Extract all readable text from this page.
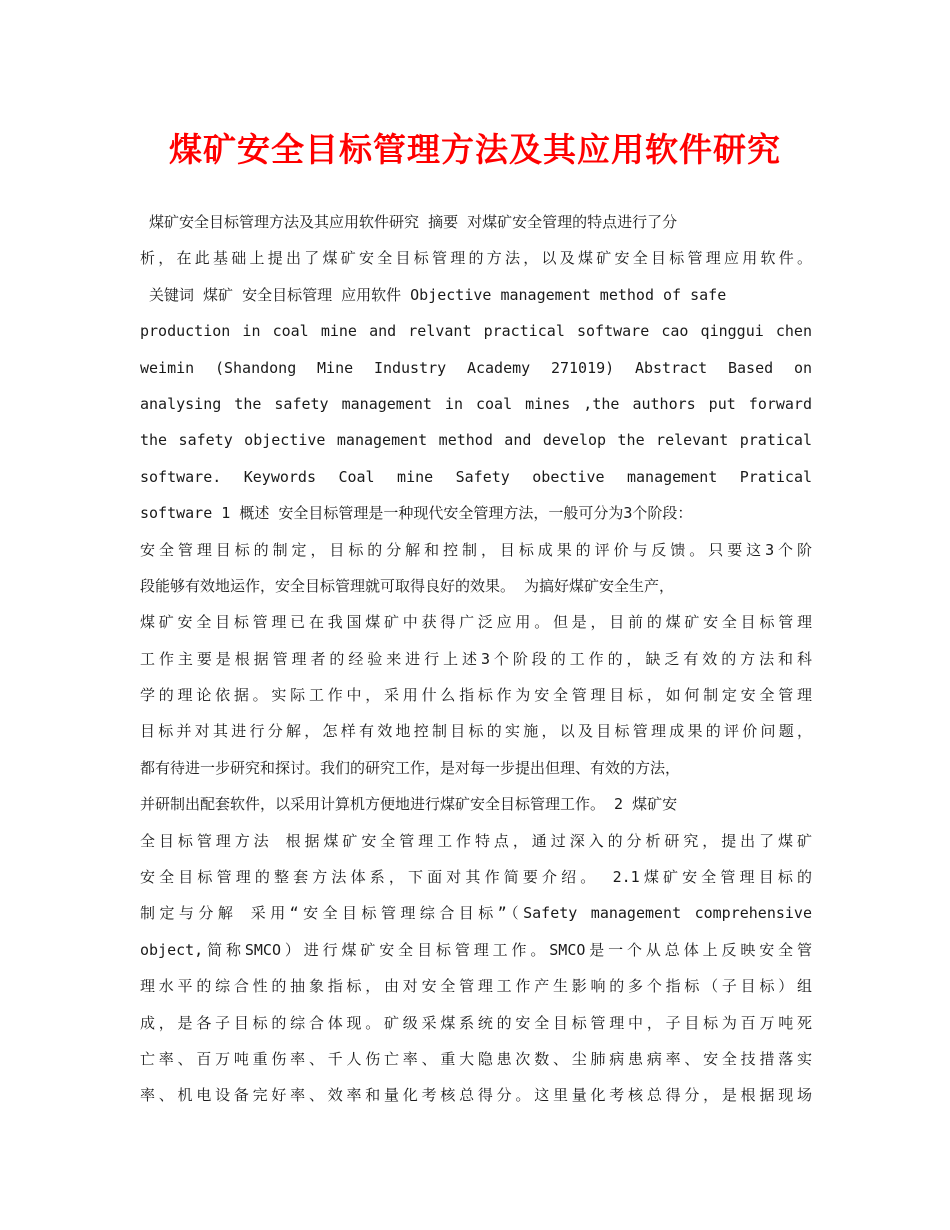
煤矿安全目标管理方法及其应用软件研究
煤矿安全目标管理方法及其应用软件研究 摘要 对煤矿安全管理的特点进行了分
析，在此基础上提出了煤矿安全目标管理的方法，以及煤矿安全目标管理应用软件。
关键词 煤矿 安全目标管理 应用软件 Objective management method of safe
production in coal mine and relvant practical software cao qinggui chen
weimin (Shandong Mine Industry Academy 271019) Abstract Based on
analysing the safety management in coal mines ,the authors put forward
the safety objective management method and develop the relevant pratical
software. Keywords Coal mine Safety obective management Pratical
software 1 概述 安全目标管理是一种现代安全管理方法，一般可分为3个阶段：
安全管理目标的制定，目标的分解和控制，目标成果的评价与反馈。只要这3个阶
段能够有效地运作，安全目标管理就可取得良好的效果。 为搞好煤矿安全生产，
煤矿安全目标管理已在我国煤矿中获得广泛应用。但是，目前的煤矿安全目标管理
工作主要是根据管理者的经验来进行上述3个阶段的工作的，缺乏有效的方法和科
学的理论依据。实际工作中，采用什么指标作为安全管理目标，如何制定安全管理
目标并对其进行分解，怎样有效地控制目标的实施，以及目标管理成果的评价问题，
都有待进一步研究和探讨。我们的研究工作，是对每一步提出但理、有效的方法，
并研制出配套软件，以采用计算机方便地进行煤矿安全目标管理工作。 2 煤矿安
全目标管理方法 根据煤矿安全管理工作特点，通过深入的分析研究，提出了煤矿
安全目标管理的整套方法体系，下面对其作简要介绍。 2.1煤矿安全管理目标的
制定与分解 采用“安全目标管理综合目标”（Safety management comprehensive
object,简称SMCO）进行煤矿安全目标管理工作。SMCO是一个从总体上反映安全管
理水平的综合性的抽象指标，由对安全管理工作产生影响的多个指标（子目标）组
成，是各子目标的综合体现。矿级采煤系统的安全目标管理中，子目标为百万吨死
亡率、百万吨重伤率、千人伤亡率、重大隐患次数、尘肺病患病率、安全技措落实
率、机电设备完好率、效率和量化考核总得分。这里量化考核总得分，是根据现场
